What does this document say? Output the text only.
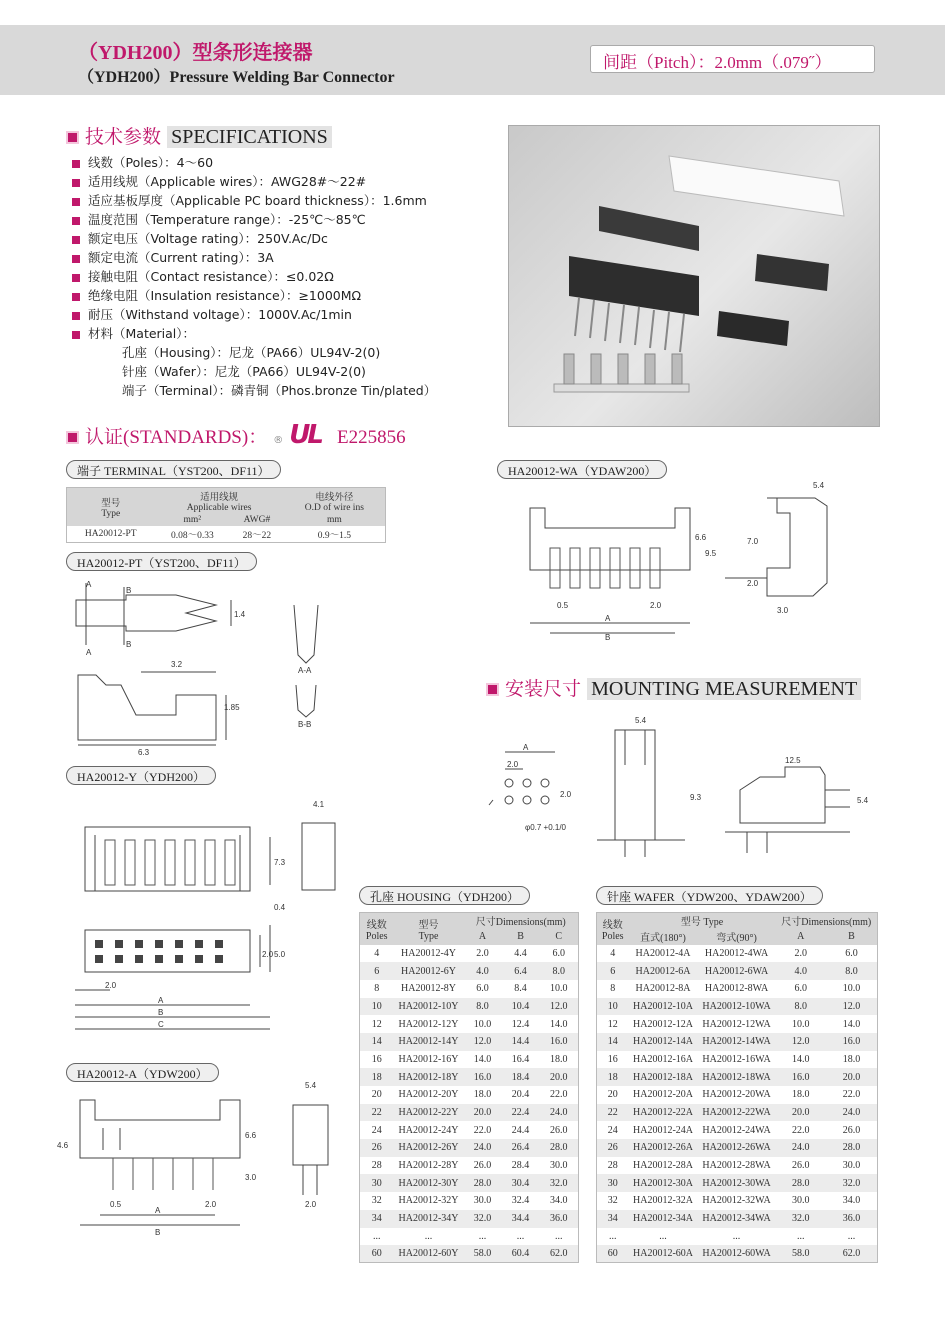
（YDH200）型条形连接器
（YDH200）Pressure Welding Bar Connector
间距（Pitch）：2.0mm（.079˝）
技术参数 SPECIFICATIONS
线数（Poles）：4～60
适用线规（Applicable wires）：AWG28#～22#
适应基板厚度（Applicable PC board thickness）：1.6mm
温度范围（Temperature range）：-25℃～85℃
额定电压（Voltage rating）：250V.Ac/Dc
额定电流（Current rating）：3A
接触电阻（Contact resistance）：≤0.02Ω
绝缘电阻（Insulation resistance）：≥1000MΩ
耐压（Withstand voltage）：1000V.Ac/1min
材料（Material）：
孔座（Housing）：尼龙（PA66）UL94V-2(0)
针座（Wafer）：尼龙（PA66）UL94V-2(0)
端子（Terminal）：磷青铜（Phos.bronze Tin/plated）
认证(STANDARDS)： ® UL E225856
端子 TERMINAL（YST200、DF11）
型号
Type	适用线规
Applicable wires		电线外径
O.D of wire ins
	mm²	AWG#	mm
HA20012-PT	0.08～0.33	28～22	0.9～1.5
HA20012-PT（YST200、DF11）
A
B
A
B
1.4
3.2
1.85
6.3
A-A
B-B
HA20012-Y（YDH200）
4.1
7.3
0.4
2.0 5.0
2.0
A
B
C
HA20012-A（YDW200）
5.4
4.6
6.6
3.0
0.5	2.0	2.0
A
B
HA20012-WA（YDAW200）
5.4
6.6
9.5
7.0
2.0
3.0
0.5	2.0
A
B
安装尺寸 MOUNTING MEASUREMENT
A
2.0
2.0
φ0.7 +0.1/0
5.4
9.3
12.5
5.4
孔座 HOUSING（YDH200）
线数
Poles	型号
Type	尺寸Dimensions(mm)		
		A	B	C
4	HA20012-4Y	2.0	4.4	6.0
6	HA20012-6Y	4.0	6.4	8.0
8	HA20012-8Y	6.0	8.4	10.0
10	HA20012-10Y	8.0	10.4	12.0
12	HA20012-12Y	10.0	12.4	14.0
14	HA20012-14Y	12.0	14.4	16.0
16	HA20012-16Y	14.0	16.4	18.0
18	HA20012-18Y	16.0	18.4	20.0
20	HA20012-20Y	18.0	20.4	22.0
22	HA20012-22Y	20.0	22.4	24.0
24	HA20012-24Y	22.0	24.4	26.0
26	HA20012-26Y	24.0	26.4	28.0
28	HA20012-28Y	26.0	28.4	30.0
30	HA20012-30Y	28.0	30.4	32.0
32	HA20012-32Y	30.0	32.4	34.0
34	HA20012-34Y	32.0	34.4	36.0
...	...	...	...	...
60	HA20012-60Y	58.0	60.4	62.0
针座 WAFER（YDW200、YDAW200）
线数
Poles	型号 Type		尺寸Dimensions(mm)	
	直式(180°)	弯式(90°)	A	B
4	HA20012-4A	HA20012-4WA	2.0	6.0
6	HA20012-6A	HA20012-6WA	4.0	8.0
8	HA20012-8A	HA20012-8WA	6.0	10.0
10	HA20012-10A	HA20012-10WA	8.0	12.0
12	HA20012-12A	HA20012-12WA	10.0	14.0
14	HA20012-14A	HA20012-14WA	12.0	16.0
16	HA20012-16A	HA20012-16WA	14.0	18.0
18	HA20012-18A	HA20012-18WA	16.0	20.0
20	HA20012-20A	HA20012-20WA	18.0	22.0
22	HA20012-22A	HA20012-22WA	20.0	24.0
24	HA20012-24A	HA20012-24WA	22.0	26.0
26	HA20012-26A	HA20012-26WA	24.0	28.0
28	HA20012-28A	HA20012-28WA	26.0	30.0
30	HA20012-30A	HA20012-30WA	28.0	32.0
32	HA20012-32A	HA20012-32WA	30.0	34.0
34	HA20012-34A	HA20012-34WA	32.0	36.0
...	...	...	...	...
60	HA20012-60A	HA20012-60WA	58.0	62.0
